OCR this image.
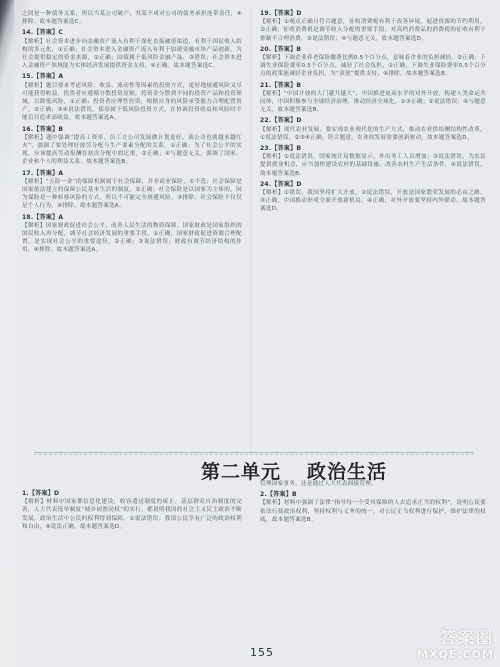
之间是一种债务关系，所以当某公司破产，其某不成对公司的债务承担连带责任，④排除。故本题答案选C。
14.【答案】C
【解析】社会资本进步向金融资产流入有利于深化直接融资渠道，有利于国民收入结构的多元化，①正确；社会资本进入金融资产流入有利于加速金融市场产品创新，为社会提供稳定的资金来源，②正确；国债属于低风险金融产品，③错误；社会资本进入金融资产领域能为实体经济发展提供资金支持，④正确。故本题答案选C。
15.【答案】A
【解析】题目要求考虑风险、收益、流动性等因素的投资方式，更好地规避风险又尽可能获得收益，投资者应遵循分散投资原则，将资金分散到不同的投资产品和投资领域，以降低风险，①正确；投资者应理性投资，根据自身的风险承受能力合理配置资产，②正确；③④说法错误，债券属于低风险投资方式，在协调投资收益和风险时不能盲目追求高收益。故本题答案选A。
16.【答案】B
【解析】题中强调“提高工资率，员工方公司发展做计划更好，该公司也就越来越红火”，强调了要处理好按劳分配与生产要素分配的关系，①正确；为了社会公平的实现，应该提高劳动报酬在初次分配中的比重，②正确；④与题意无关，强调了国家、企业和个人的利益关系。故本题答案选B。
17.【答案】A
【解析】“五险一金”的保障机制属于社会保障，并非商业保险，①不选；社会保障是国家依法建立的保障公民基本生活的制度，②正确；社会保险是以国家为主体的，因为保险是一种转移风险的方式，所以不可能完全规避风险，③排除；社会保险不仅仅是个人行为，④排除。故本题答案选A。
18.【答案】A
【解析】国家财政促进社会公平，改善人民生活的物质保障。国家财政是国家组织的国民收入再分配，调节社会经济发展的重要手段，①正确；国家财政促进资源合理配置，是实现社会公平的重要途径，②正确；③说法错误；财政有调节经济结构的作用，④排除。故本题答案选A。
19.【答案】D
【解析】①观点正确且符合题意，征收消费税有利于改善环境，促进资源的节约利用，②正确；征收消费税是调节收入分配的重要手段，对高档消费品的消费税的征收有利于抑制不合理消费，③说法错误；④与题意无关，故本题答案选D。
20.【答案】B
【解析】下调企业养老保险缴费比例0.5个百分点，意味着企业的负担减轻，②正确；下调失业保险费率0.5个百分点，减轻了社会负担，②正确，下调失业保险费率0.5个百分点的政策能减轻企业负担，为“双创”提供支持，④排除。故本题答案选B。
21.【答案】B
【解析】“中国开放的大门越开越大”，中国推进更高水平的对外开放，构建人类命运共同体，中国积极参与全球经济治理，推动经济全球化，①③正确；②说法错误；④与题意无关，故本题答案选B。
22.【答案】D
【解析】现代农业发展，要实现农业现代化的生产方式，推动农业供给侧结构性改革，①说法错误，②③④正确，符合题意，农业的发展需要创新驱动，故本题答案选D。
23.【答案】B
【解析】①说法错误，国家统计局数据显示，外出务工人员增加；③说法错误，为农民提供就业机会，应当加快建设农村的基础设施，改善农村生产生活条件，④说法错误，故本题答案选B。
24.【答案】D
【解析】①错误，我国坚持扩大开放，②说法错误，开放是国家繁荣发展的必由之路，③正确，中国推动形成全面开放新格局，④正确，对外开放要坚持内外联动，故本题答案选D。
第二单元 政治生活
1.【答案】D
【解析】材料中国家都信息化建设，收容遣送制度的废止，基层群众自治制度的完善，人大代表选举制度“城乡同票同权”的实行，都说明我国的社会主义民主政治不断发展，政治生活中公民的权利得到保障，①说法错误；我国公民享有广泛的政治权利和自由，④说法正确，故本题答案选D。
管理国家事务，还是通过人大代表间接管理。
2.【答案】B
【解析】材料中强调了法律“指导每一个受其保障的人去追求正当的权利”，说明公民要依法行使政治权利，坚持权利与义务的统一，对公民正当权利进行保护，维护法律的权威，故本题答案选B。
155
答案圈
MXQE.COM
